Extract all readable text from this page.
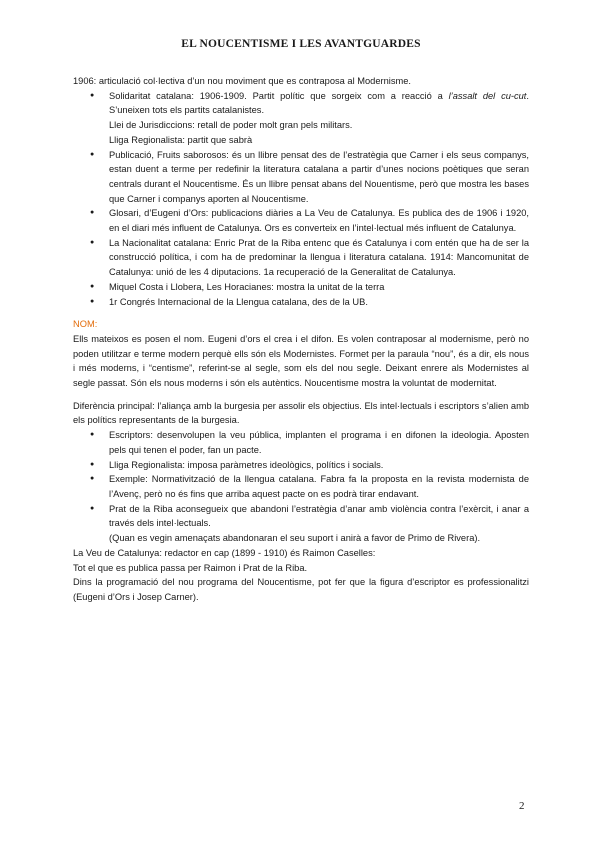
EL NOUCENTISME I LES AVANTGUARDES

1906: articulació col·lectiva d’un nou moviment que es contraposa al Modernisme.

● Solidaritat catalana: 1906-1909. Partit polític que sorgeix com a reacció a l’assalt del cu-cut. S’uneixen tots els partits catalanistes.
Llei de Jurisdiccions: retall de poder molt gran pels militars.
Lliga Regionalista: partit que sabrà
● Publicació, Fruits saborosos: és un llibre pensat des de l’estratègia que Carner i els seus companys, estan duent a terme per redefinir la literatura catalana a partir d’unes nocions poètiques que seran centrals durant el Noucentisme. És un llibre pensat abans del Nouentisme, però que mostra les bases que Carner i companys aporten al Noucentisme.
● Glosari, d’Eugeni d’Ors: publicacions diàries a La Veu de Catalunya. Es publica des de 1906 i 1920, en el diari més influent de Catalunya. Ors es converteix en l’intel·lectual més influent de Catalunya.
● La Nacionalitat catalana: Enric Prat de la Riba entenc que és Catalunya i com entén que ha de ser la construcció política, i com ha de predominar la llengua i literatura catalana. 1914: Mancomunitat de Catalunya: unió de les 4 diputacions. 1a recuperació de la Generalitat de Catalunya.
● Miquel Costa i Llobera, Les Horacianes: mostra la unitat de la terra
● 1r Congrés Internacional de la Llengua catalana, des de la UB.

NOM:

Ells mateixos es posen el nom. Eugeni d’ors el crea i el difon. Es volen contraposar al modernisme, però no poden utilitzar e terme modern perquè ells són els Modernistes. Formet per la paraula “nou”, és a dir, els nous i més moderns, i “centisme”, referint-se al segle, som els del nou segle. Deixant enrere als Modernistes al segle passat. Són els nous moderns i són els autèntics. Noucentisme mostra la voluntat de modernitat.

Diferència principal: l’aliança amb la burgesia per assolir els objectius. Els intel·lectuals i escriptors s’alien amb els polítics representants de la burgesia.

● Escriptors: desenvolupen la veu pública, implanten el programa i en difonen la ideologia. Aposten pels qui tenen el poder, fan un pacte.
● Lliga Regionalista: imposa paràmetres ideològics, polítics i socials.
● Exemple: Normativització de la llengua catalana. Fabra fa la proposta en la revista modernista de l’Avenç, però no és fins que arriba aquest pacte on es podrà tirar endavant.
● Prat de la Riba aconsegueix que abandoni l’estratègia d’anar amb violència contra l’exèrcit, i anar a través dels intel·lectuals.
(Quan es vegin amenaçats abandonaran el seu suport i anirà a favor de Primo de Rivera).

La Veu de Catalunya: redactor en cap (1899 - 1910) és Raimon Caselles:

Tot el que es publica passa per Raimon i Prat de la Riba.

Dins la programació del nou programa del Noucentisme, pot fer que la figura d’escriptor es professionalitzi (Eugeni d’Ors i Josep Carner).

2
